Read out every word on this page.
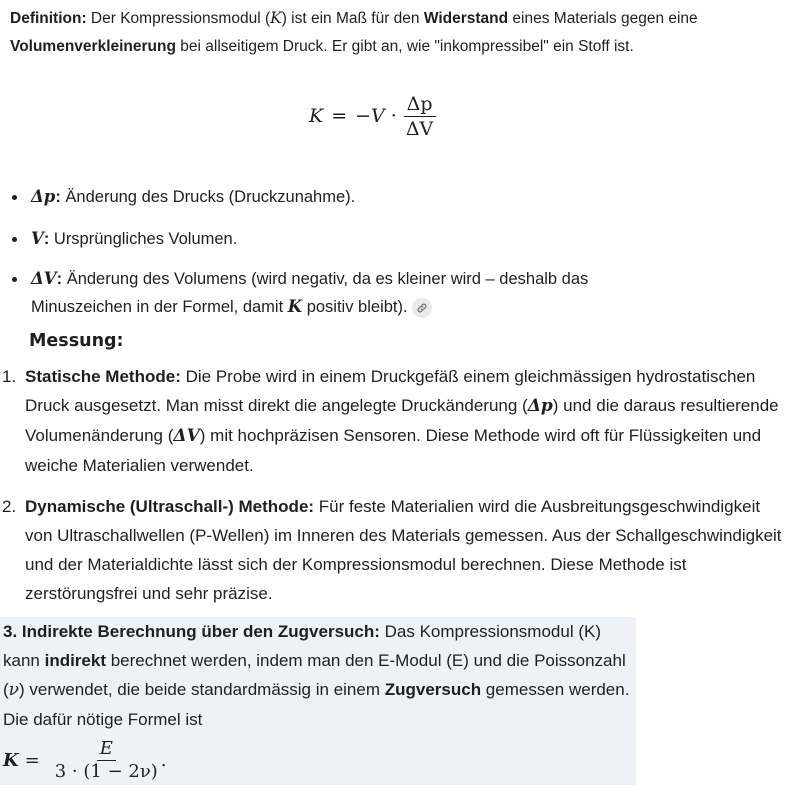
Definition: Der Kompressionsmodul (K) ist ein Maß für den Widerstand eines Materials gegen eine Volumenverkleinerung bei allseitigem Druck. Er gibt an, wie "inkompressibel" ein Stoff ist.
K = − $V \cdot \frac{\Delta p}{\Delta V}$
Δp: Änderung des Drucks (Druckzunahme).
V: Ursprüngliches Volumen.
ΔV: Änderung des Volumens (wird negativ, da es kleiner wird – deshalb das Minuszeichen in der Formel, damit K positiv bleibt).
Messung:
1. Statische Methode: Die Probe wird in einem Druckgefäß einem gleichmässigen hydrostatischen Druck ausgesetzt. Man misst direkt die angelegte Druckänderung (Δp) und die daraus resultierende Volumenänderung (ΔV) mit hochpräzisen Sensoren. Diese Methode wird oft für Flüssigkeiten und weiche Materialien verwendet.
2. Dynamische (Ultraschall-) Methode: Für feste Materialien wird die Ausbreitungsgeschwindigkeit von Ultraschallwellen (P-Wellen) im Inneren des Materials gemessen. Aus der Schallgeschwindigkeit und der Materialdichte lässt sich der Kompressionsmodul berechnen. Diese Methode ist zerstörungsfrei und sehr präzise.
3. Indirekte Berechnung über den Zugversuch: Das Kompressionsmodul (K) kann indirekt berechnet werden, indem man den E-Modul (E) und die Poissonzahl (ν) verwendet, die beide standardmässig in einem Zugversuch gemessen werden. Die dafür nötige Formel ist
$K = \frac{E}{3 \cdot (1 - 2\nu)}$ .
